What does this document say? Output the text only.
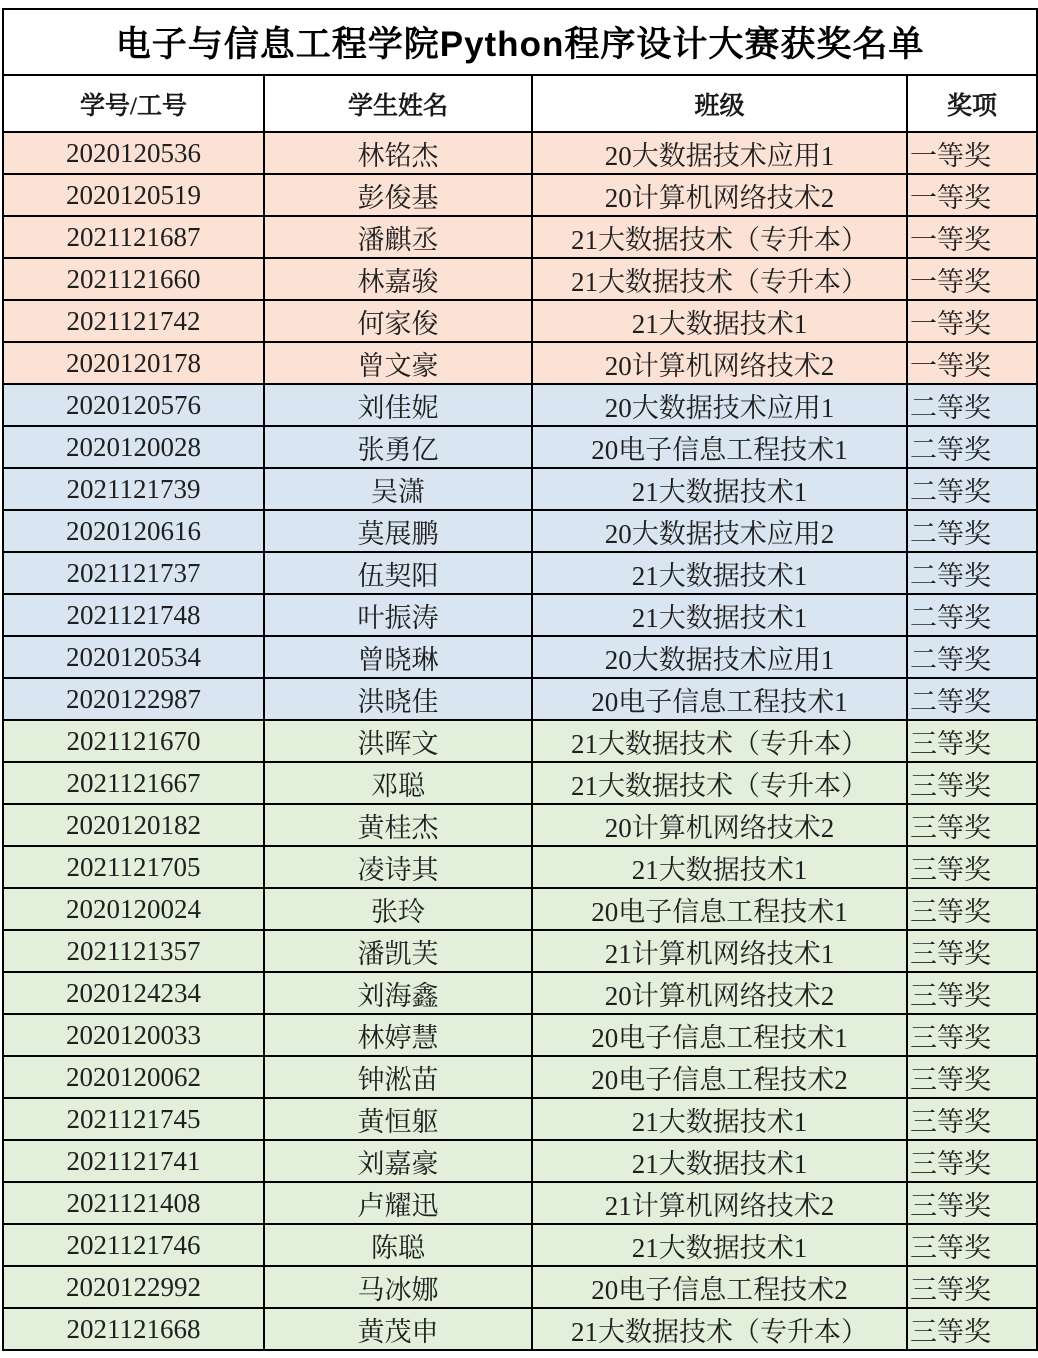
电子与信息工程学院Python程序设计大赛获奖名单			
学号/工号	学生姓名	班级	奖项
2020120536	林铭杰	20大数据技术应用1	一等奖
2020120519	彭俊基	20计算机网络技术2	一等奖
2021121687	潘麒丞	21大数据技术（专升本）	一等奖
2021121660	林嘉骏	21大数据技术（专升本）	一等奖
2021121742	何家俊	21大数据技术1	一等奖
2020120178	曾文豪	20计算机网络技术2	一等奖
2020120576	刘佳妮	20大数据技术应用1	二等奖
2020120028	张勇亿	20电子信息工程技术1	二等奖
2021121739	吴潇	21大数据技术1	二等奖
2020120616	莫展鹏	20大数据技术应用2	二等奖
2021121737	伍契阳	21大数据技术1	二等奖
2021121748	叶振涛	21大数据技术1	二等奖
2020120534	曾晓琳	20大数据技术应用1	二等奖
2020122987	洪晓佳	20电子信息工程技术1	二等奖
2021121670	洪晖文	21大数据技术（专升本）	三等奖
2021121667	邓聪	21大数据技术（专升本）	三等奖
2020120182	黄桂杰	20计算机网络技术2	三等奖
2021121705	凌诗其	21大数据技术1	三等奖
2020120024	张玲	20电子信息工程技术1	三等奖
2021121357	潘凯芙	21计算机网络技术1	三等奖
2020124234	刘海鑫	20计算机网络技术2	三等奖
2020120033	林婷慧	20电子信息工程技术1	三等奖
2020120062	钟淞苗	20电子信息工程技术2	三等奖
2021121745	黄恒躯	21大数据技术1	三等奖
2021121741	刘嘉豪	21大数据技术1	三等奖
2021121408	卢耀迅	21计算机网络技术2	三等奖
2021121746	陈聪	21大数据技术1	三等奖
2020122992	马冰娜	20电子信息工程技术2	三等奖
2021121668	黄茂申	21大数据技术（专升本）	三等奖
